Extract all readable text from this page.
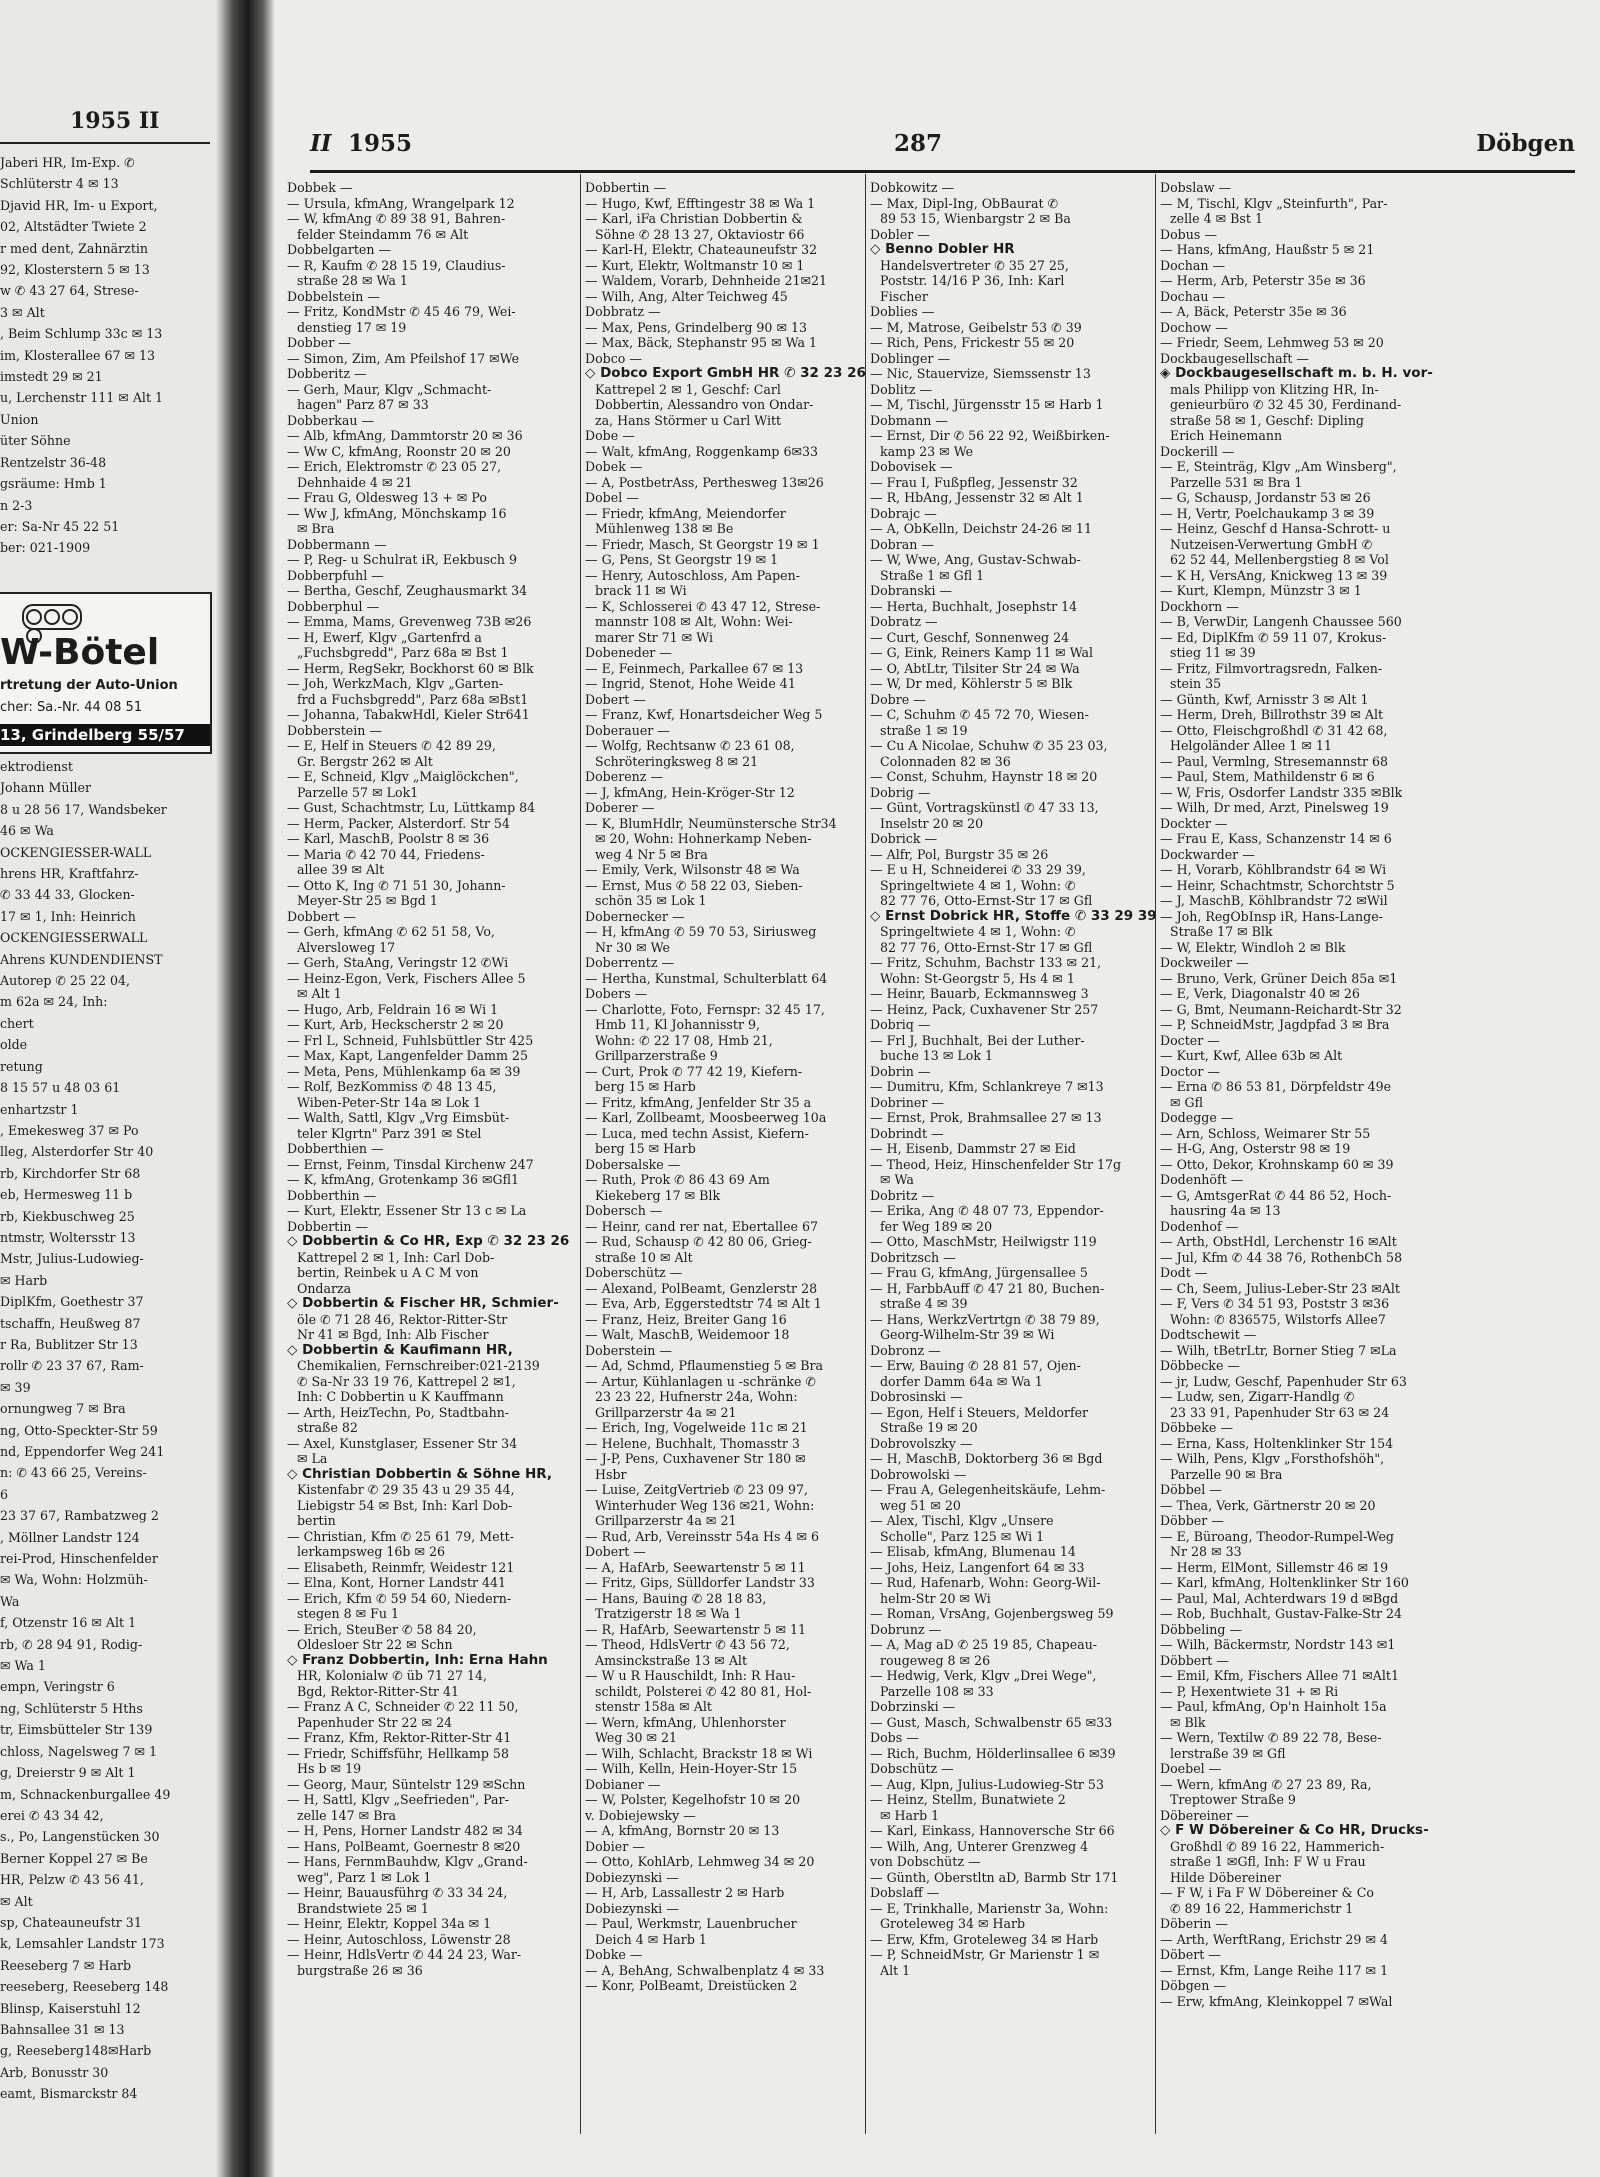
1955 II
Jaberi HR, Im-Exp. ✆
Schlüterstr 4 ✉ 13
Djavid HR, Im- u Export,
02, Altstädter Twiete 2
r med dent, Zahnärztin
92, Klosterstern 5 ✉ 13
w ✆ 43 27 64, Strese-
3 ✉ Alt
, Beim Schlump 33c ✉ 13
im, Klosterallee 67 ✉ 13
imstedt 29 ✉ 21
u, Lerchenstr 111 ✉ Alt 1
Union
üter Söhne
Rentzelstr 36-48
gsräume: Hmb 1
n 2-3
er: Sa-Nr 45 22 51
ber: 021-1909
W-Bötel
rtretung der Auto-Union
cher: Sa.-Nr. 44 08 51
13, Grindelberg 55/57
ektrodienst
Johann Müller
8 u 28 56 17, Wandsbeker
46 ✉ Wa
OCKENGIESSER-WALL
hrens HR, Kraftfahrz-
✆ 33 44 33, Glocken-
17 ✉ 1, Inh: Heinrich
OCKENGIESSERWALL
Ahrens KUNDENDIENST
Autorep ✆ 25 22 04,
m 62a ✉ 24, Inh:
chert
olde
retung
8 15 57 u 48 03 61
enhartzstr 1
, Emekesweg 37 ✉ Po
lleg, Alsterdorfer Str 40
rb, Kirchdorfer Str 68
eb, Hermesweg 11 b
rb, Kiekbuschweg 25
ntmstr, Woltersstr 13
Mstr, Julius-Ludowieg-
✉ Harb
DiplKfm, Goethestr 37
tschaffn, Heußweg 87
r Ra, Bublitzer Str 13
rollr ✆ 23 37 67, Ram-
✉ 39
ornungweg 7 ✉ Bra
ng, Otto-Speckter-Str 59
nd, Eppendorfer Weg 241
n: ✆ 43 66 25, Vereins-
6
23 37 67, Rambatzweg 2
, Möllner Landstr 124
rei-Prod, Hinschenfelder
✉ Wa, Wohn: Holzmüh-
Wa
f, Otzenstr 16 ✉ Alt 1
rb, ✆ 28 94 91, Rodig-
✉ Wa 1
empn, Veringstr 6
ng, Schlüterstr 5 Hths
tr, Eimsbütteler Str 139
chloss, Nagelsweg 7 ✉ 1
g, Dreierstr 9 ✉ Alt 1
m, Schnackenburgallee 49
erei ✆ 43 34 42,
s., Po, Langenstücken 30
Berner Koppel 27 ✉ Be
HR, Pelzw ✆ 43 56 41,
✉ Alt
sp, Chateauneufstr 31
k, Lemsahler Landstr 173
Reeseberg 7 ✉ Harb
reeseberg, Reeseberg 148
Blinsp, Kaiserstuhl 12
Bahnsallee 31 ✉ 13
g, Reeseberg148✉Harb
Arb, Bonusstr 30
eamt, Bismarckstr 84
II 1955	287	Döbgen
Dobbek —
— Ursula, kfmAng, Wrangelpark 12
— W, kfmAng ✆ 89 38 91, Bahren-
felder Steindamm 76 ✉ Alt
Dobbelgarten —
— R, Kaufm ✆ 28 15 19, Claudius-
straße 28 ✉ Wa 1
Dobbelstein —
— Fritz, KondMstr ✆ 45 46 79, Wei-
denstieg 17 ✉ 19
Dobber —
— Simon, Zim, Am Pfeilshof 17 ✉We
Dobberitz —
— Gerh, Maur, Klgv „Schmacht-
hagen" Parz 87 ✉ 33
Dobberkau —
— Alb, kfmAng, Dammtorstr 20 ✉ 36
— Ww C, kfmAng, Roonstr 20 ✉ 20
— Erich, Elektromstr ✆ 23 05 27,
Dehnhaide 4 ✉ 21
— Frau G, Oldesweg 13 + ✉ Po
— Ww J, kfmAng, Mönchskamp 16
✉ Bra
Dobbermann —
— P, Reg- u Schulrat iR, Eekbusch 9
Dobberpfuhl —
— Bertha, Geschf, Zeughausmarkt 34
Dobberphul —
— Emma, Mams, Grevenweg 73B ✉26
— H, Ewerf, Klgv „Gartenfrd a
„Fuchsbgredd", Parz 68a ✉ Bst 1
— Herm, RegSekr, Bockhorst 60 ✉ Blk
— Joh, WerkzMach, Klgv „Garten-
frd a Fuchsbgredd", Parz 68a ✉Bst1
— Johanna, TabakwHdl, Kieler Str641
Dobberstein —
— E, Helf in Steuers ✆ 42 89 29,
Gr. Bergstr 262 ✉ Alt
— E, Schneid, Klgv „Maiglöckchen",
Parzelle 57 ✉ Lok1
— Gust, Schachtmstr, Lu, Lüttkamp 84
— Herm, Packer, Alsterdorf. Str 54
— Karl, MaschB, Poolstr 8 ✉ 36
— Maria ✆ 42 70 44, Friedens-
allee 39 ✉ Alt
— Otto K, Ing ✆ 71 51 30, Johann-
Meyer-Str 25 ✉ Bgd 1
Dobbert —
— Gerh, kfmAng ✆ 62 51 58, Vo,
Alversloweg 17
— Gerh, StaAng, Veringstr 12 ✆Wi
— Heinz-Egon, Verk, Fischers Allee 5
✉ Alt 1
— Hugo, Arb, Feldrain 16 ✉ Wi 1
— Kurt, Arb, Heckscherstr 2 ✉ 20
— Frl L, Schneid, Fuhlsbüttler Str 425
— Max, Kapt, Langenfelder Damm 25
— Meta, Pens, Mühlenkamp 6a ✉ 39
— Rolf, BezKommiss ✆ 48 13 45,
Wiben-Peter-Str 14a ✉ Lok 1
— Walth, Sattl, Klgv „Vrg Eimsbüt-
teler Klgrtn" Parz 391 ✉ Stel
Dobberthien —
— Ernst, Feinm, Tinsdal Kirchenw 247
— K, kfmAng, Grotenkamp 36 ✉Gfl1
Dobberthin —
— Kurt, Elektr, Essener Str 13 c ✉ La
Dobbertin —
◇ Dobbertin & Co HR, Exp ✆ 32 23 26
Kattrepel 2 ✉ 1, Inh: Carl Dob-
bertin, Reinbek u A C M von
Ondarza
◇ Dobbertin & Fischer HR, Schmier-
öle ✆ 71 28 46, Rektor-Ritter-Str
Nr 41 ✉ Bgd, Inh: Alb Fischer
◇ Dobbertin & Kaufimann HR,
Chemikalien, Fernschreiber:021-2139
✆ Sa-Nr 33 19 76, Kattrepel 2 ✉1,
Inh: C Dobbertin u K Kauffmann
— Arth, HeizTechn, Po, Stadtbahn-
straße 82
— Axel, Kunstglaser, Essener Str 34
✉ La
◇ Christian Dobbertin & Söhne HR,
Kistenfabr ✆ 29 35 43 u 29 35 44,
Liebigstr 54 ✉ Bst, Inh: Karl Dob-
bertin
— Christian, Kfm ✆ 25 61 79, Mett-
lerkampsweg 16b ✉ 26
— Elisabeth, Reinmfr, Weidestr 121
— Elna, Kont, Horner Landstr 441
— Erich, Kfm ✆ 59 54 60, Niedern-
stegen 8 ✉ Fu 1
— Erich, SteuBer ✆ 58 84 20,
Oldesloer Str 22 ✉ Schn
◇ Franz Dobbertin, Inh: Erna Hahn
HR, Kolonialw ✆ üb 71 27 14,
Bgd, Rektor-Ritter-Str 41
— Franz A C, Schneider ✆ 22 11 50,
Papenhuder Str 22 ✉ 24
— Franz, Kfm, Rektor-Ritter-Str 41
— Friedr, Schiffsführ, Hellkamp 58
Hs b ✉ 19
— Georg, Maur, Süntelstr 129 ✉Schn
— H, Sattl, Klgv „Seefrieden", Par-
zelle 147 ✉ Bra
— H, Pens, Horner Landstr 482 ✉ 34
— Hans, PolBeamt, Goernestr 8 ✉20
— Hans, FernmBauhdw, Klgv „Grand-
weg", Parz 1 ✉ Lok 1
— Heinr, Bauausführg ✆ 33 34 24,
Brandstwiete 25 ✉ 1
— Heinr, Elektr, Koppel 34a ✉ 1
— Heinr, Autoschloss, Löwenstr 28
— Heinr, HdlsVertr ✆ 44 24 23, War-
burgstraße 26 ✉ 36
Dobbertin —
— Hugo, Kwf, Efftingestr 38 ✉ Wa 1
— Karl, iFa Christian Dobbertin &
Söhne ✆ 28 13 27, Oktaviostr 66
— Karl-H, Elektr, Chateauneufstr 32
— Kurt, Elektr, Woltmanstr 10 ✉ 1
— Waldem, Vorarb, Dehnheide 21✉21
— Wilh, Ang, Alter Teichweg 45
Dobbratz —
— Max, Pens, Grindelberg 90 ✉ 13
— Max, Bäck, Stephanstr 95 ✉ Wa 1
Dobco —
◇ Dobco Export GmbH HR ✆ 32 23 26
Kattrepel 2 ✉ 1, Geschf: Carl
Dobbertin, Alessandro von Ondar-
za, Hans Störmer u Carl Witt
Dobe —
— Walt, kfmAng, Roggenkamp 6✉33
Dobek —
— A, PostbetrAss, Perthesweg 13✉26
Dobel —
— Friedr, kfmAng, Meiendorfer
Mühlenweg 138 ✉ Be
— Friedr, Masch, St Georgstr 19 ✉ 1
— G, Pens, St Georgstr 19 ✉ 1
— Henry, Autoschloss, Am Papen-
brack 11 ✉ Wi
— K, Schlosserei ✆ 43 47 12, Strese-
mannstr 108 ✉ Alt, Wohn: Wei-
marer Str 71 ✉ Wi
Dobeneder —
— E, Feinmech, Parkallee 67 ✉ 13
— Ingrid, Stenot, Hohe Weide 41
Dobert —
— Franz, Kwf, Honartsdeicher Weg 5
Doberauer —
— Wolfg, Rechtsanw ✆ 23 61 08,
Schröteringksweg 8 ✉ 21
Doberenz —
— J, kfmAng, Hein-Kröger-Str 12
Doberer —
— K, BlumHdlr, Neumünstersche Str34
✉ 20, Wohn: Hohnerkamp Neben-
weg 4 Nr 5 ✉ Bra
— Emily, Verk, Wilsonstr 48 ✉ Wa
— Ernst, Mus ✆ 58 22 03, Sieben-
schön 35 ✉ Lok 1
Dobernecker —
— H, kfmAng ✆ 59 70 53, Siriusweg
Nr 30 ✉ We
Doberrentz —
— Hertha, Kunstmal, Schulterblatt 64
Dobers —
— Charlotte, Foto, Fernspr: 32 45 17,
Hmb 11, Kl Johannisstr 9,
Wohn: ✆ 22 17 08, Hmb 21,
Grillparzerstraße 9
— Curt, Prok ✆ 77 42 19, Kiefern-
berg 15 ✉ Harb
— Fritz, kfmAng, Jenfelder Str 35 a
— Karl, Zollbeamt, Moosbeerweg 10a
— Luca, med techn Assist, Kiefern-
berg 15 ✉ Harb
Dobersalske —
— Ruth, Prok ✆ 86 43 69 Am
Kiekeberg 17 ✉ Blk
Dobersch —
— Heinr, cand rer nat, Ebertallee 67
— Rud, Schausp ✆ 42 80 06, Grieg-
straße 10 ✉ Alt
Doberschütz —
— Alexand, PolBeamt, Genzlerstr 28
— Eva, Arb, Eggerstedtstr 74 ✉ Alt 1
— Franz, Heiz, Breiter Gang 16
— Walt, MaschB, Weidemoor 18
Doberstein —
— Ad, Schmd, Pflaumenstieg 5 ✉ Bra
— Artur, Kühlanlagen u -schränke ✆
23 23 22, Hufnerstr 24a, Wohn:
Grillparzerstr 4a ✉ 21
— Erich, Ing, Vogelweide 11c ✉ 21
— Helene, Buchhalt, Thomasstr 3
— J-P, Pens, Cuxhavener Str 180 ✉
Hsbr
— Luise, ZeitgVertrieb ✆ 23 09 97,
Winterhuder Weg 136 ✉21, Wohn:
Grillparzerstr 4a ✉ 21
— Rud, Arb, Vereinsstr 54a Hs 4 ✉ 6
Dobert —
— A, HafArb, Seewartenstr 5 ✉ 11
— Fritz, Gips, Sülldorfer Landstr 33
— Hans, Bauing ✆ 28 18 83,
Tratzigerstr 18 ✉ Wa 1
— R, HafArb, Seewartenstr 5 ✉ 11
— Theod, HdlsVertr ✆ 43 56 72,
Amsinckstraße 13 ✉ Alt
— W u R Hauschildt, Inh: R Hau-
schildt, Polsterei ✆ 42 80 81, Hol-
stenstr 158a ✉ Alt
— Wern, kfmAng, Uhlenhorster
Weg 30 ✉ 21
— Wilh, Schlacht, Brackstr 18 ✉ Wi
— Wilh, Kelln, Hein-Hoyer-Str 15
Dobianer —
— W, Polster, Kegelhofstr 10 ✉ 20
v. Dobiejewsky —
— A, kfmAng, Bornstr 20 ✉ 13
Dobier —
— Otto, KohlArb, Lehmweg 34 ✉ 20
Dobiezynski —
— H, Arb, Lassallestr 2 ✉ Harb
Dobiezynski —
— Paul, Werkmstr, Lauenbrucher
Deich 4 ✉ Harb 1
Dobke —
— A, BehAng, Schwalbenplatz 4 ✉ 33
— Konr, PolBeamt, Dreistücken 2
Dobkowitz —
— Max, Dipl-Ing, ObBaurat ✆
89 53 15, Wienbargstr 2 ✉ Ba
Dobler —
◇ Benno Dobler HR
Handelsvertreter ✆ 35 27 25,
Poststr. 14/16 P 36, Inh: Karl
Fischer
Doblies —
— M, Matrose, Geibelstr 53 ✆ 39
— Rich, Pens, Frickestr 55 ✉ 20
Doblinger —
— Nic, Stauervize, Siemssenstr 13
Doblitz —
— M, Tischl, Jürgensstr 15 ✉ Harb 1
Dobmann —
— Ernst, Dir ✆ 56 22 92, Weißbirken-
kamp 23 ✉ We
Dobovisek —
— Frau I, Fußpfleg, Jessenstr 32
— R, HbAng, Jessenstr 32 ✉ Alt 1
Dobrajc —
— A, ObKelln, Deichstr 24-26 ✉ 11
Dobran —
— W, Wwe, Ang, Gustav-Schwab-
Straße 1 ✉ Gfl 1
Dobranski —
— Herta, Buchhalt, Josephstr 14
Dobratz —
— Curt, Geschf, Sonnenweg 24
— G, Eink, Reiners Kamp 11 ✉ Wal
— O, AbtLtr, Tilsiter Str 24 ✉ Wa
— W, Dr med, Köhlerstr 5 ✉ Blk
Dobre —
— C, Schuhm ✆ 45 72 70, Wiesen-
straße 1 ✉ 19
— Cu A Nicolae, Schuhw ✆ 35 23 03,
Colonnaden 82 ✉ 36
— Const, Schuhm, Haynstr 18 ✉ 20
Dobrig —
— Günt, Vortragskünstl ✆ 47 33 13,
Inselstr 20 ✉ 20
Dobrick —
— Alfr, Pol, Burgstr 35 ✉ 26
— E u H, Schneiderei ✆ 33 29 39,
Springeltwiete 4 ✉ 1, Wohn: ✆
82 77 76, Otto-Ernst-Str 17 ✉ Gfl
◇ Ernst Dobrick HR, Stoffe ✆ 33 29 39
Springeltwiete 4 ✉ 1, Wohn: ✆
82 77 76, Otto-Ernst-Str 17 ✉ Gfl
— Fritz, Schuhm, Bachstr 133 ✉ 21,
Wohn: St-Georgstr 5, Hs 4 ✉ 1
— Heinr, Bauarb, Eckmannsweg 3
— Heinz, Pack, Cuxhavener Str 257
Dobriq —
— Frl J, Buchhalt, Bei der Luther-
buche 13 ✉ Lok 1
Dobrin —
— Dumitru, Kfm, Schlankreye 7 ✉13
Dobriner —
— Ernst, Prok, Brahmsallee 27 ✉ 13
Dobrindt —
— H, Eisenb, Dammstr 27 ✉ Eid
— Theod, Heiz, Hinschenfelder Str 17g
✉ Wa
Dobritz —
— Erika, Ang ✆ 48 07 73, Eppendor-
fer Weg 189 ✉ 20
— Otto, MaschMstr, Heilwigstr 119
Dobritzsch —
— Frau G, kfmAng, Jürgensallee 5
— H, FarbbAuff ✆ 47 21 80, Buchen-
straße 4 ✉ 39
— Hans, WerkzVertrtgn ✆ 38 79 89,
Georg-Wilhelm-Str 39 ✉ Wi
Dobronz —
— Erw, Bauing ✆ 28 81 57, Ojen-
dorfer Damm 64a ✉ Wa 1
Dobrosinski —
— Egon, Helf i Steuers, Meldorfer
Straße 19 ✉ 20
Dobrovolszky —
— H, MaschB, Doktorberg 36 ✉ Bgd
Dobrowolski —
— Frau A, Gelegenheitskäufe, Lehm-
weg 51 ✉ 20
— Alex, Tischl, Klgv „Unsere
Scholle", Parz 125 ✉ Wi 1
— Elisab, kfmAng, Blumenau 14
— Johs, Heiz, Langenfort 64 ✉ 33
— Rud, Hafenarb, Wohn: Georg-Wil-
helm-Str 20 ✉ Wi
— Roman, VrsAng, Gojenbergsweg 59
Dobrunz —
— A, Mag aD ✆ 25 19 85, Chapeau-
rougeweg 8 ✉ 26
— Hedwig, Verk, Klgv „Drei Wege",
Parzelle 108 ✉ 33
Dobrzinski —
— Gust, Masch, Schwalbenstr 65 ✉33
Dobs —
— Rich, Buchm, Hölderlinsallee 6 ✉39
Dobschütz —
— Aug, Klpn, Julius-Ludowieg-Str 53
— Heinz, Stellm, Bunatwiete 2
✉ Harb 1
— Karl, Einkass, Hannoversche Str 66
— Wilh, Ang, Unterer Grenzweg 4
von Dobschütz —
— Günth, Oberstltn aD, Barmb Str 171
Dobslaff —
— E, Trinkhalle, Marienstr 3a, Wohn:
Groteleweg 34 ✉ Harb
— Erw, Kfm, Groteleweg 34 ✉ Harb
— P, SchneidMstr, Gr Marienstr 1 ✉
Alt 1
Dobslaw —
— M, Tischl, Klgv „Steinfurth", Par-
zelle 4 ✉ Bst 1
Dobus —
— Hans, kfmAng, Haußstr 5 ✉ 21
Dochan —
— Herm, Arb, Peterstr 35e ✉ 36
Dochau —
— A, Bäck, Peterstr 35e ✉ 36
Dochow —
— Friedr, Seem, Lehmweg 53 ✉ 20
Dockbaugesellschaft —
◈ Dockbaugesellschaft m. b. H. vor-
mals Philipp von Klitzing HR, In-
genieurbüro ✆ 32 45 30, Ferdinand-
straße 58 ✉ 1, Geschf: Dipling
Erich Heinemann
Dockerill —
— E, Steinträg, Klgv „Am Winsberg",
Parzelle 531 ✉ Bra 1
— G, Schausp, Jordanstr 53 ✉ 26
— H, Vertr, Poelchaukamp 3 ✉ 39
— Heinz, Geschf d Hansa-Schrott- u
Nutzeisen-Verwertung GmbH ✆
62 52 44, Mellenbergstieg 8 ✉ Vol
— K H, VersAng, Knickweg 13 ✉ 39
— Kurt, Klempn, Münzstr 3 ✉ 1
Dockhorn —
— B, VerwDir, Langenh Chaussee 560
— Ed, DiplKfm ✆ 59 11 07, Krokus-
stieg 11 ✉ 39
— Fritz, Filmvortragsredn, Falken-
stein 35
— Günth, Kwf, Arnisstr 3 ✉ Alt 1
— Herm, Dreh, Billrothstr 39 ✉ Alt
— Otto, Fleischgroßhdl ✆ 31 42 68,
Helgoländer Allee 1 ✉ 11
— Paul, Vermlng, Stresemannstr 68
— Paul, Stem, Mathildenstr 6 ✉ 6
— W, Fris, Osdorfer Landstr 335 ✉Blk
— Wilh, Dr med, Arzt, Pinelsweg 19
Dockter —
— Frau E, Kass, Schanzenstr 14 ✉ 6
Dockwarder —
— H, Vorarb, Köhlbrandstr 64 ✉ Wi
— Heinr, Schachtmstr, Schorchtstr 5
— J, MaschB, Köhlbrandstr 72 ✉Wil
— Joh, RegObInsp iR, Hans-Lange-
Straße 17 ✉ Blk
— W, Elektr, Windloh 2 ✉ Blk
Dockweiler —
— Bruno, Verk, Grüner Deich 85a ✉1
— E, Verk, Diagonalstr 40 ✉ 26
— G, Bmt, Neumann-Reichardt-Str 32
— P, SchneidMstr, Jagdpfad 3 ✉ Bra
Docter —
— Kurt, Kwf, Allee 63b ✉ Alt
Doctor —
— Erna ✆ 86 53 81, Dörpfeldstr 49e
✉ Gfl
Dodegge —
— Arn, Schloss, Weimarer Str 55
— H-G, Ang, Osterstr 98 ✉ 19
— Otto, Dekor, Krohnskamp 60 ✉ 39
Dodenhöft —
— G, AmtsgerRat ✆ 44 86 52, Hoch-
hausring 4a ✉ 13
Dodenhof —
— Arth, ObstHdl, Lerchenstr 16 ✉Alt
— Jul, Kfm ✆ 44 38 76, RothenbCh 58
Dodt —
— Ch, Seem, Julius-Leber-Str 23 ✉Alt
— F, Vers ✆ 34 51 93, Poststr 3 ✉36
Wohn: ✆ 836575, Wilstorfs Allee7
Dodtschewit —
— Wilh, tBetrLtr, Borner Stieg 7 ✉La
Döbbecke —
— jr, Ludw, Geschf, Papenhuder Str 63
— Ludw, sen, Zigarr-Handlg ✆
23 33 91, Papenhuder Str 63 ✉ 24
Döbbeke —
— Erna, Kass, Holtenklinker Str 154
— Wilh, Pens, Klgv „Forsthofshöh",
Parzelle 90 ✉ Bra
Döbbel —
— Thea, Verk, Gärtnerstr 20 ✉ 20
Döbber —
— E, Büroang, Theodor-Rumpel-Weg
Nr 28 ✉ 33
— Herm, ElMont, Sillemstr 46 ✉ 19
— Karl, kfmAng, Holtenklinker Str 160
— Paul, Mal, Achterdwars 19 d ✉Bgd
— Rob, Buchhalt, Gustav-Falke-Str 24
Döbbeling —
— Wilh, Bäckermstr, Nordstr 143 ✉1
Döbbert —
— Emil, Kfm, Fischers Allee 71 ✉Alt1
— P, Hexentwiete 31 + ✉ Ri
— Paul, kfmAng, Op'n Hainholt 15a
✉ Blk
— Wern, Textilw ✆ 89 22 78, Bese-
lerstraße 39 ✉ Gfl
Doebel —
— Wern, kfmAng ✆ 27 23 89, Ra,
Treptower Straße 9
Döbereiner —
◇ F W Döbereiner & Co HR, Drucks-
Großhdl ✆ 89 16 22, Hammerich-
straße 1 ✉Gfl, Inh: F W u Frau
Hilde Döbereiner
— F W, i Fa F W Döbereiner & Co
✆ 89 16 22, Hammerichstr 1
Döberin —
— Arth, WerftRang, Erichstr 29 ✉ 4
Döbert —
— Ernst, Kfm, Lange Reihe 117 ✉ 1
Döbgen —
— Erw, kfmAng, Kleinkoppel 7 ✉Wal
